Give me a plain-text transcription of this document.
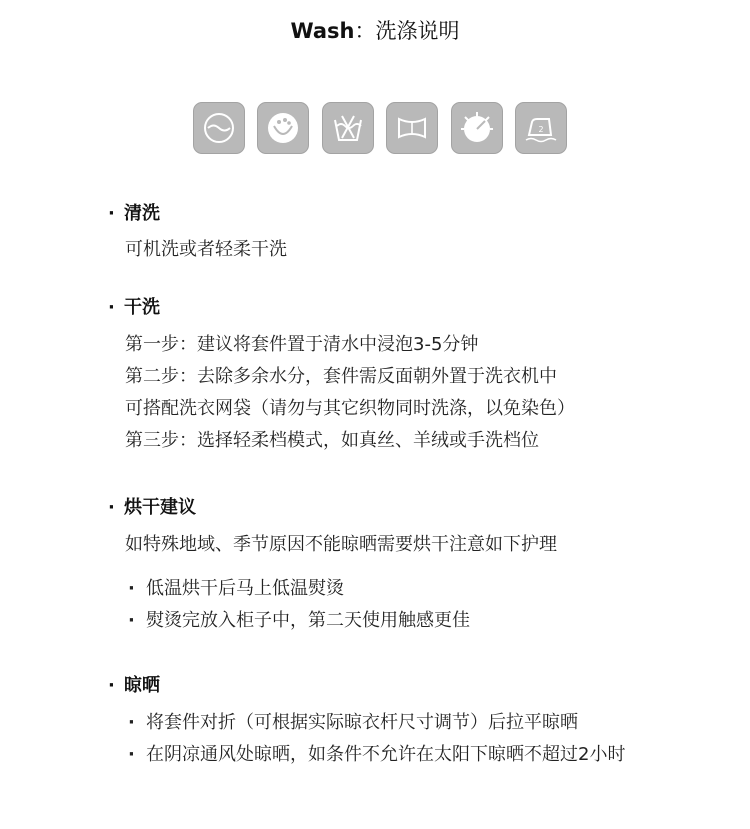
Wash：洗涤说明
2
· 清洗
可机洗或者轻柔干洗
· 干洗
第一步：建议将套件置于清水中浸泡3-5分钟
第二步：去除多余水分，套件需反面朝外置于洗衣机中
可搭配洗衣网袋（请勿与其它织物同时洗涤，以免染色）
第三步：选择轻柔档模式，如真丝、羊绒或手洗档位
· 烘干建议
如特殊地域、季节原因不能晾晒需要烘干注意如下护理
· 低温烘干后马上低温熨烫
· 熨烫完放入柜子中，第二天使用触感更佳
· 晾晒
· 将套件对折（可根据实际晾衣杆尺寸调节）后拉平晾晒
· 在阴凉通风处晾晒，如条件不允许在太阳下晾晒不超过2小时
